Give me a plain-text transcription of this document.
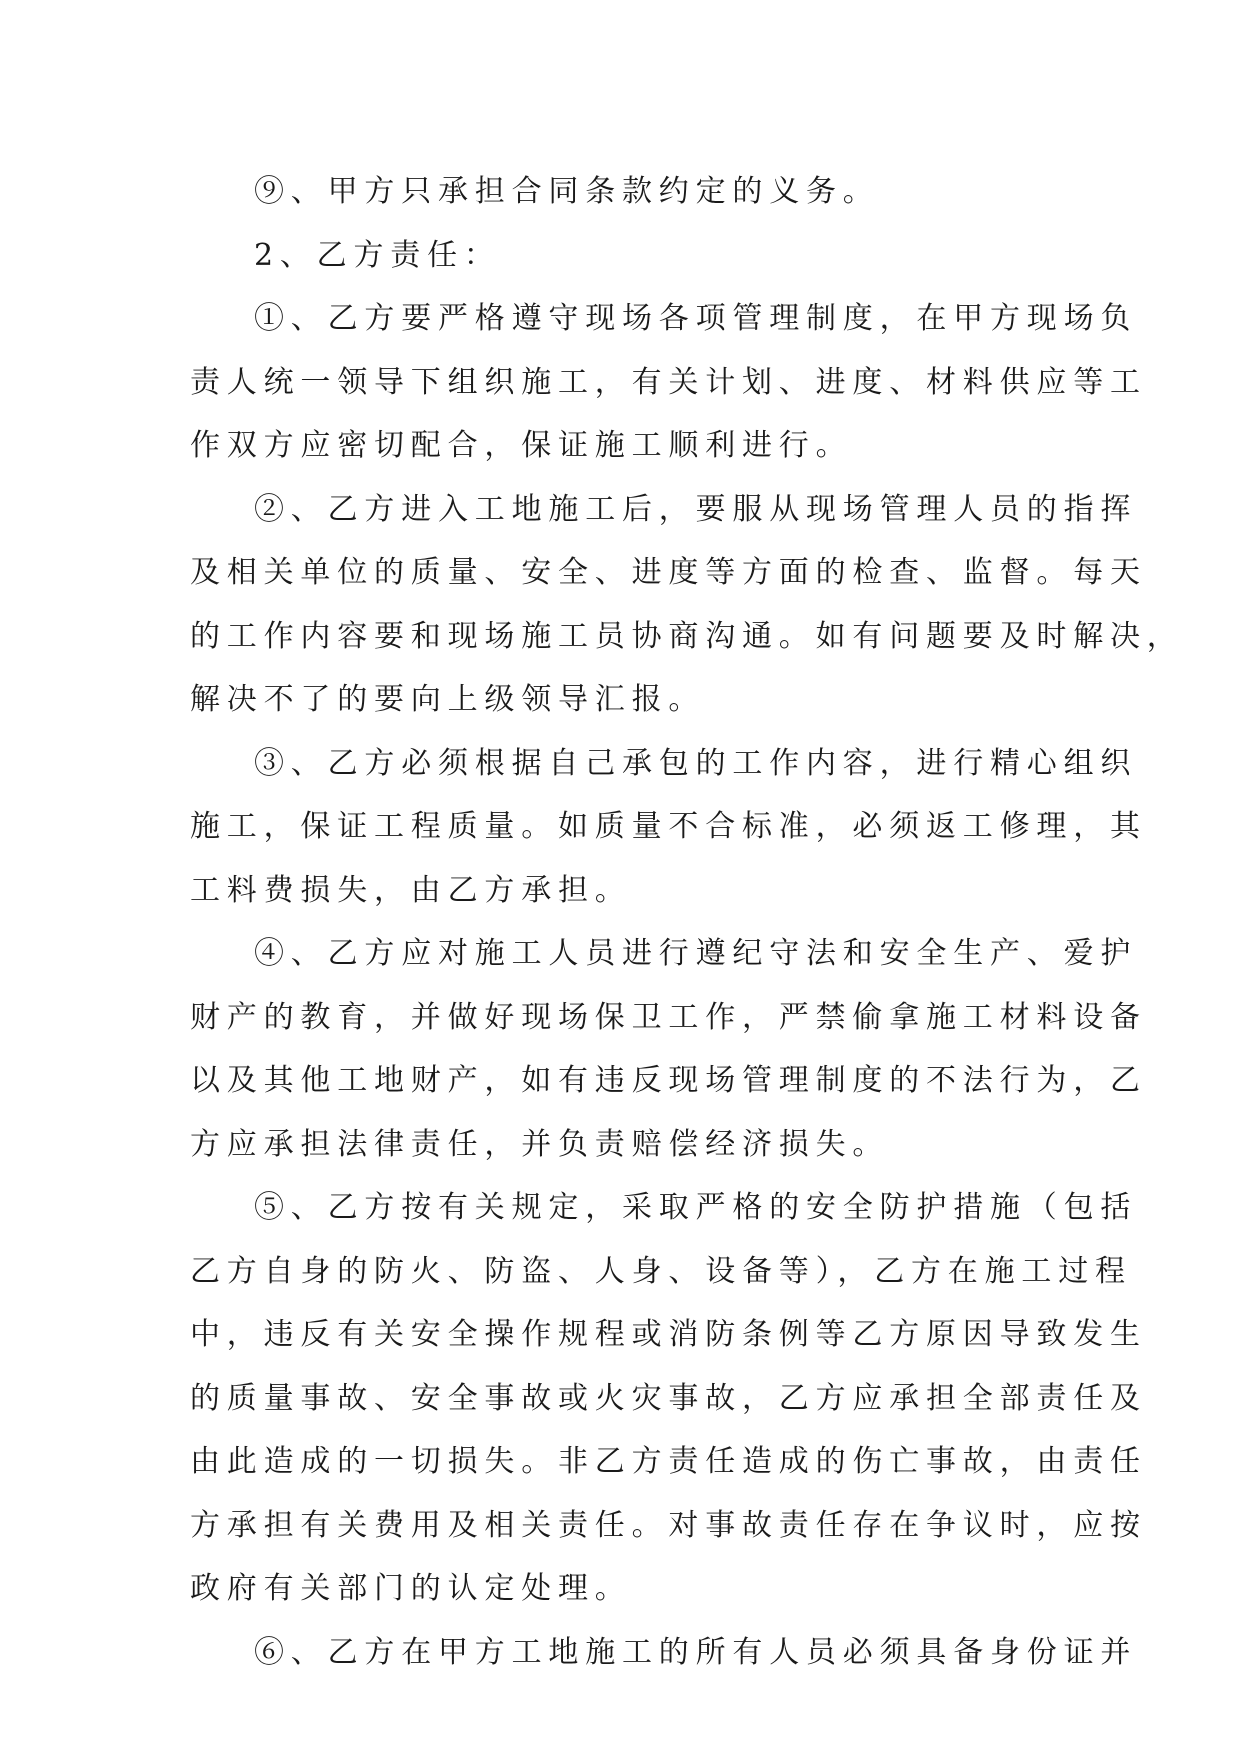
⑨、甲方只承担合同条款约定的义务。
2、乙方责任：
①、乙方要严格遵守现场各项管理制度，在甲方现场负
责人统一领导下组织施工，有关计划、进度、材料供应等工
作双方应密切配合，保证施工顺利进行。
②、乙方进入工地施工后，要服从现场管理人员的指挥
及相关单位的质量、安全、进度等方面的检查、监督。每天
的工作内容要和现场施工员协商沟通。如有问题要及时解决，
解决不了的要向上级领导汇报。
③、乙方必须根据自己承包的工作内容，进行精心组织
施工，保证工程质量。如质量不合标准，必须返工修理，其
工料费损失，由乙方承担。
④、乙方应对施工人员进行遵纪守法和安全生产、爱护
财产的教育，并做好现场保卫工作，严禁偷拿施工材料设备
以及其他工地财产，如有违反现场管理制度的不法行为，乙
方应承担法律责任，并负责赔偿经济损失。
⑤、乙方按有关规定，采取严格的安全防护措施（包括
乙方自身的防火、防盗、人身、设备等），乙方在施工过程
中，违反有关安全操作规程或消防条例等乙方原因导致发生
的质量事故、安全事故或火灾事故，乙方应承担全部责任及
由此造成的一切损失。非乙方责任造成的伤亡事故，由责任
方承担有关费用及相关责任。对事故责任存在争议时，应按
政府有关部门的认定处理。
⑥、乙方在甲方工地施工的所有人员必须具备身份证并
